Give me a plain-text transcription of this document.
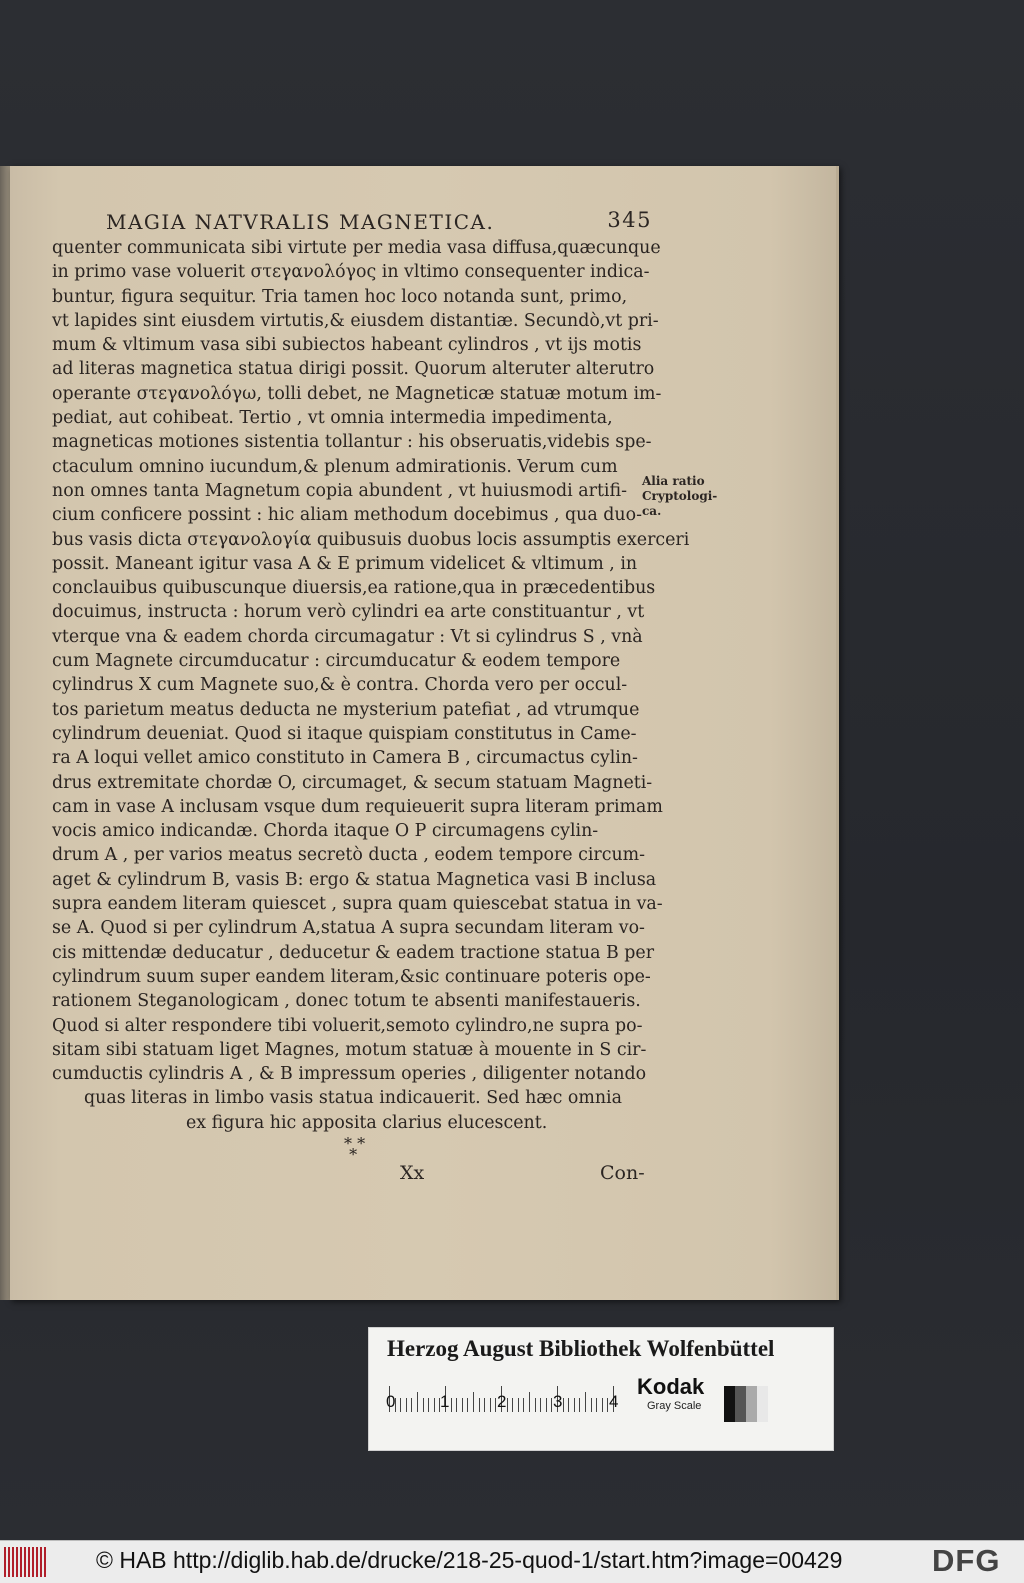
MAGIA NATVRALIS MAGNETICA.	345
quenter communicata sibi virtute per media vasa diffusa,quæcunque
in primo vase voluerit στεγανολόγος in vltimo consequenter indica-
buntur, figura sequitur. Tria tamen hoc loco notanda sunt, primo,
vt lapides sint eiusdem virtutis,& eiusdem distantiæ. Secundò,vt pri-
mum & vltimum vasa sibi subiectos habeant cylindros , vt ijs motis
ad literas magnetica statua dirigi possit. Quorum alteruter alterutro
operante στεγανολόγω, tolli debet, ne Magneticæ statuæ motum im-
pediat, aut cohibeat. Tertio , vt omnia intermedia impedimenta,
magneticas motiones sistentia tollantur : his obseruatis,videbis spe-
ctaculum omnino iucundum,& plenum admirationis. Verum cum
non omnes tanta Magnetum copia abundent , vt huiusmodi artifi-
cium conficere possint : hic aliam methodum docebimus , qua duo-
bus vasis dicta στεγανολογία quibusuis duobus locis assumptis exerceri
possit. Maneant igitur vasa A & E primum videlicet & vltimum , in
conclauibus quibuscunque diuersis,ea ratione,qua in præcedentibus
docuimus, instructa : horum verò cylindri ea arte constituantur , vt
vterque vna & eadem chorda circumagatur : Vt si cylindrus S , vnà
cum Magnete circumducatur : circumducatur & eodem tempore
cylindrus X cum Magnete suo,& è contra. Chorda vero per occul-
tos parietum meatus deducta ne mysterium patefiat , ad vtrumque
cylindrum deueniat. Quod si itaque quispiam constitutus in Came-
ra A loqui vellet amico constituto in Camera B , circumactus cylin-
drus extremitate chordæ O, circumaget, & secum statuam Magneti-
cam in vase A inclusam vsque dum requieuerit supra literam primam
vocis amico indicandæ. Chorda itaque O P circumagens cylin-
drum A , per varios meatus secretò ducta , eodem tempore circum-
aget & cylindrum B, vasis B: ergo & statua Magnetica vasi B inclusa
supra eandem literam quiescet , supra quam quiescebat statua in va-
se A. Quod si per cylindrum A,statua A supra secundam literam vo-
cis mittendæ deducatur , deducetur & eadem tractione statua B per
cylindrum suum super eandem literam,&sic continuare poteris ope-
rationem Steganologicam , donec totum te absenti manifestaueris.
Quod si alter respondere tibi voluerit,semoto cylindro,ne supra po-
sitam sibi statuam liget Magnes, motum statuæ à mouente in S cir-
cumductis cylindris A , & B impressum operies , diligenter notando
quas literas in limbo vasis statua indicauerit. Sed hæc omnia
ex figura hic apposita clarius elucescent.
Alia ratio
Cryptologi-
ca.
* *
*
Xx	Con-
Herzog August Bibliothek Wolfenbüttel
0	1	2	3	4
Kodak
Gray Scale
© HAB http://diglib.hab.de/drucke/218-25-quod-1/start.htm?image=00429	DFG
